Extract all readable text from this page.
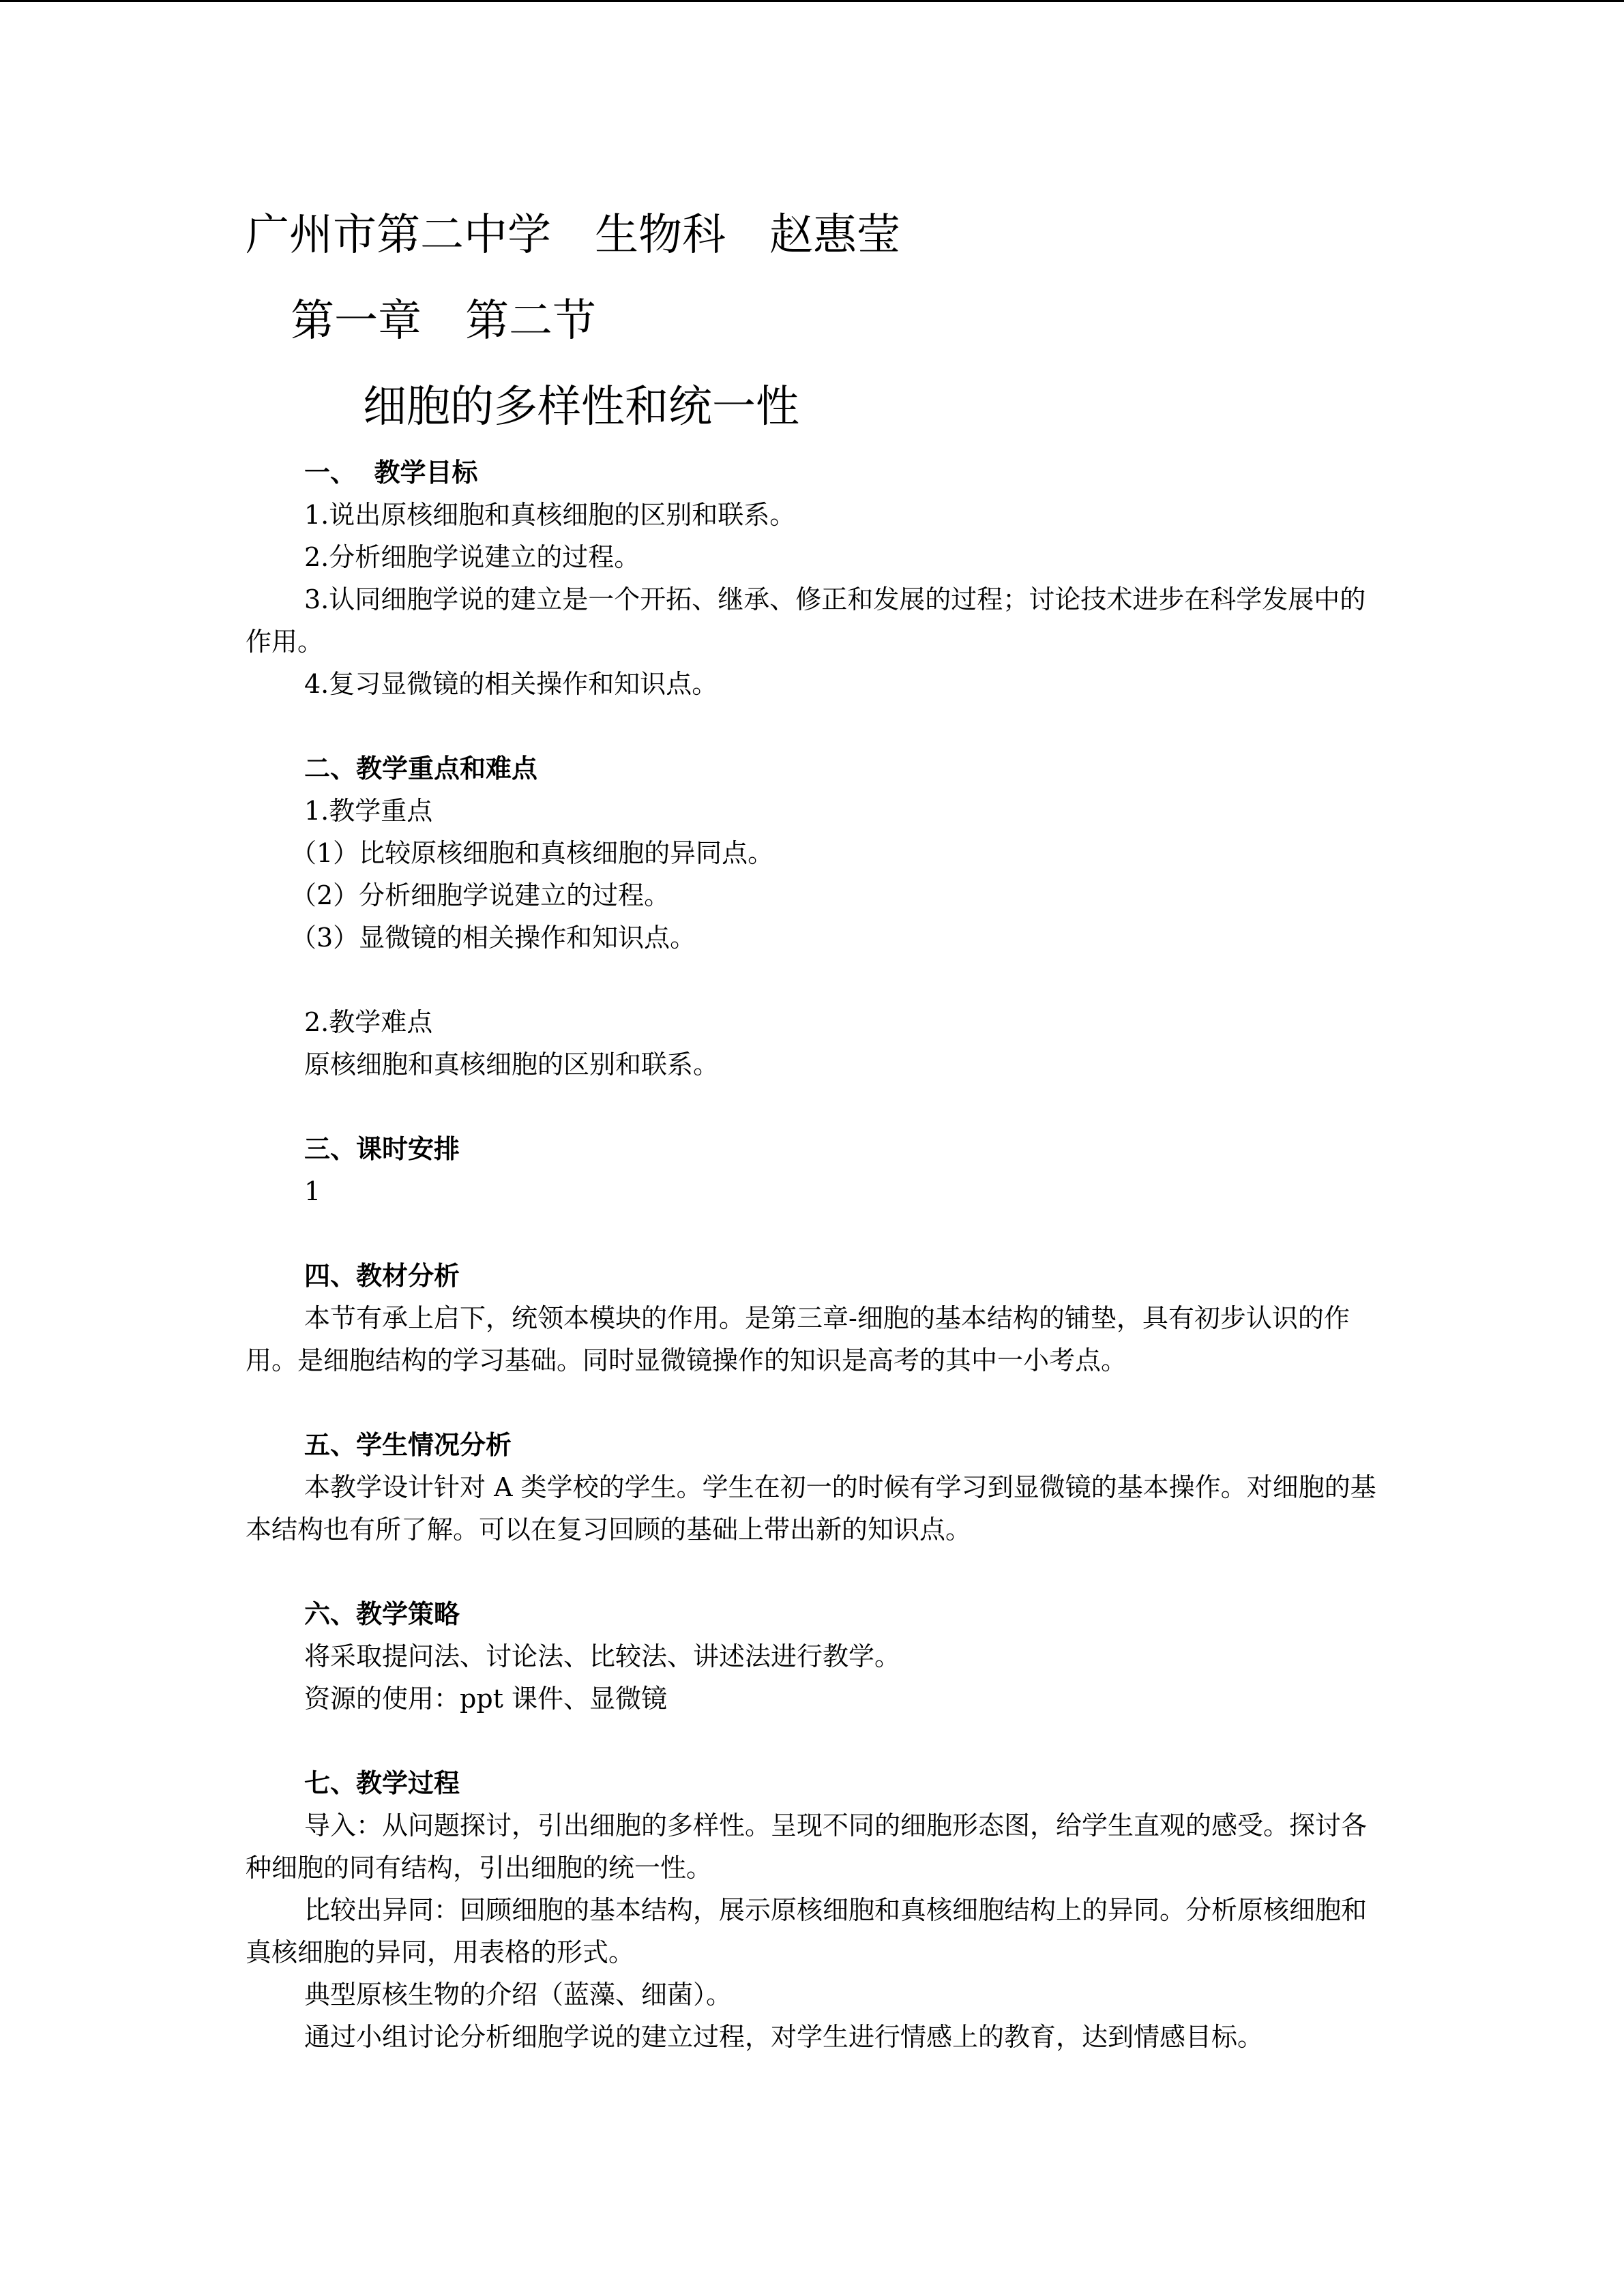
广州市第二中学　生物科　赵惠莹
第一章　第二节
细胞的多样性和统一性
一、  教学目标
1.说出原核细胞和真核细胞的区别和联系。
2.分析细胞学说建立的过程。
3.认同细胞学说的建立是一个开拓、继承、修正和发展的过程；讨论技术进步在科学发展中的作用。
4.复习显微镜的相关操作和知识点。
二、教学重点和难点
1.教学重点
（1）比较原核细胞和真核细胞的异同点。
（2）分析细胞学说建立的过程。
（3）显微镜的相关操作和知识点。
2.教学难点
原核细胞和真核细胞的区别和联系。
三、课时安排
1
四、教材分析
本节有承上启下，统领本模块的作用。是第三章-细胞的基本结构的铺垫，具有初步认识的作用。是细胞结构的学习基础。同时显微镜操作的知识是高考的其中一小考点。
五、学生情况分析
本教学设计针对 A 类学校的学生。学生在初一的时候有学习到显微镜的基本操作。对细胞的基本结构也有所了解。可以在复习回顾的基础上带出新的知识点。
六、教学策略
将采取提问法、讨论法、比较法、讲述法进行教学。
资源的使用：ppt 课件、显微镜
七、教学过程
导入：从问题探讨，引出细胞的多样性。呈现不同的细胞形态图，给学生直观的感受。探讨各种细胞的同有结构，引出细胞的统一性。
比较出异同：回顾细胞的基本结构，展示原核细胞和真核细胞结构上的异同。分析原核细胞和真核细胞的异同，用表格的形式。
典型原核生物的介绍（蓝藻、细菌）。
通过小组讨论分析细胞学说的建立过程，对学生进行情感上的教育，达到情感目标。
